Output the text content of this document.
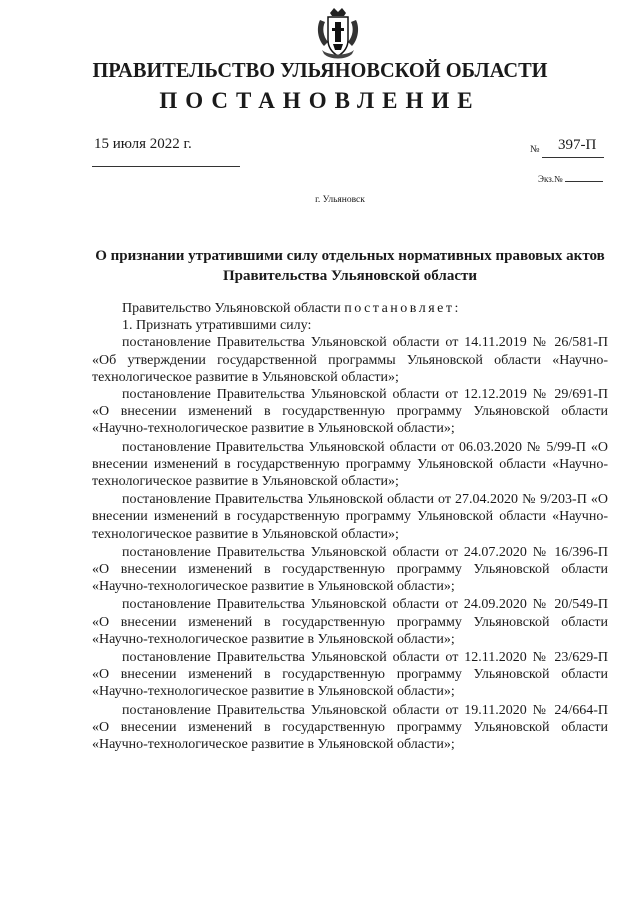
ПРАВИТЕЛЬСТВО УЛЬЯНОВСКОЙ ОБЛАСТИ
ПОСТАНОВЛЕНИЕ
15 июля 2022 г.	№ 397-П
Экз.№
г. Ульяновск
О признании утратившими силу отдельных нормативных правовых актов
Правительства Ульяновской области

Правительство Ульяновской области постановляет:

1. Признать утратившими силу:

постановление Правительства Ульяновской области от 14.11.2019 № 26/581-П «Об утверждении государственной программы Ульяновской области «Научно-технологическое развитие в Ульяновской области»;

постановление Правительства Ульяновской области от 12.12.2019 № 29/691-П «О внесении изменений в государственную программу Ульяновской области «Научно-технологическое развитие в Ульяновской области»;

постановление Правительства Ульяновской области от 06.03.2020 № 5/99-П «О внесении изменений в государственную программу Ульяновской области «Научно-технологическое развитие в Ульяновской области»;

постановление Правительства Ульяновской области от 27.04.2020 № 9/203-П «О внесении изменений в государственную программу Ульяновской области «Научно-технологическое развитие в Ульяновской области»;

постановление Правительства Ульяновской области от 24.07.2020 № 16/396-П «О внесении изменений в государственную программу Ульяновской области «Научно-технологическое развитие в Ульяновской области»;

постановление Правительства Ульяновской области от 24.09.2020 № 20/549-П «О внесении изменений в государственную программу Ульяновской области «Научно-технологическое развитие в Ульяновской области»;

постановление Правительства Ульяновской области от 12.11.2020 № 23/629-П «О внесении изменений в государственную программу Ульяновской области «Научно-технологическое развитие в Ульяновской области»;

постановление Правительства Ульяновской области от 19.11.2020 № 24/664-П «О внесении изменений в государственную программу Ульяновской области «Научно-технологическое развитие в Ульяновской области»;
